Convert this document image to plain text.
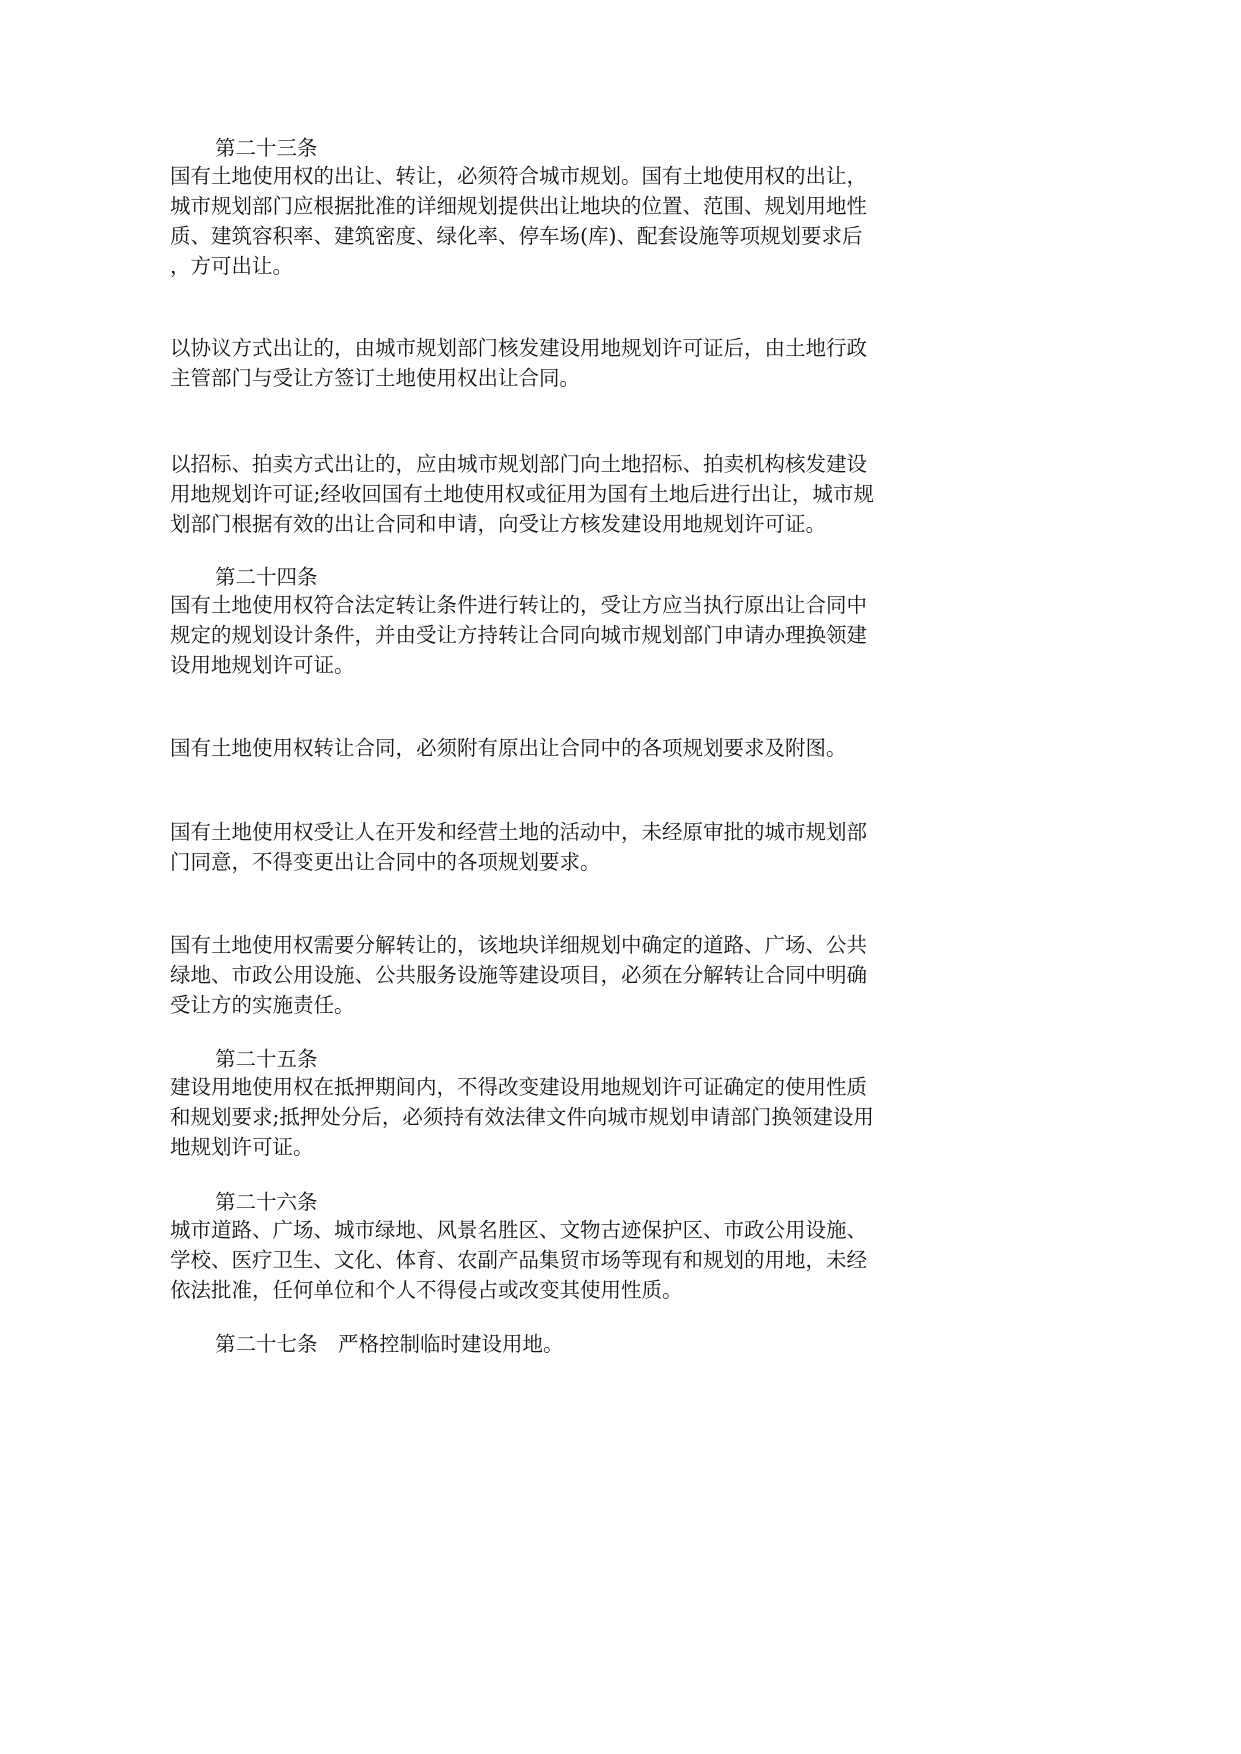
第二十三条
国有土地使用权的出让、转让，必须符合城市规划。国有土地使用权的出让，
城市规划部门应根据批准的详细规划提供出让地块的位置、范围、规划用地性
质、建筑容积率、建筑密度、绿化率、停车场(库)、配套设施等项规划要求后
，方可出让。
以协议方式出让的，由城市规划部门核发建设用地规划许可证后，由土地行政
主管部门与受让方签订土地使用权出让合同。
以招标、拍卖方式出让的，应由城市规划部门向土地招标、拍卖机构核发建设
用地规划许可证;经收回国有土地使用权或征用为国有土地后进行出让，城市规
划部门根据有效的出让合同和申请，向受让方核发建设用地规划许可证。
第二十四条
国有土地使用权符合法定转让条件进行转让的，受让方应当执行原出让合同中
规定的规划设计条件，并由受让方持转让合同向城市规划部门申请办理换领建
设用地规划许可证。
国有土地使用权转让合同，必须附有原出让合同中的各项规划要求及附图。
国有土地使用权受让人在开发和经营土地的活动中，未经原审批的城市规划部
门同意，不得变更出让合同中的各项规划要求。
国有土地使用权需要分解转让的，该地块详细规划中确定的道路、广场、公共
绿地、市政公用设施、公共服务设施等建设项目，必须在分解转让合同中明确
受让方的实施责任。
第二十五条
建设用地使用权在抵押期间内，不得改变建设用地规划许可证确定的使用性质
和规划要求;抵押处分后，必须持有效法律文件向城市规划申请部门换领建设用
地规划许可证。
第二十六条
城市道路、广场、城市绿地、风景名胜区、文物古迹保护区、市政公用设施、
学校、医疗卫生、文化、体育、农副产品集贸市场等现有和规划的用地，未经
依法批准，任何单位和个人不得侵占或改变其使用性质。
第二十七条　严格控制临时建设用地。
